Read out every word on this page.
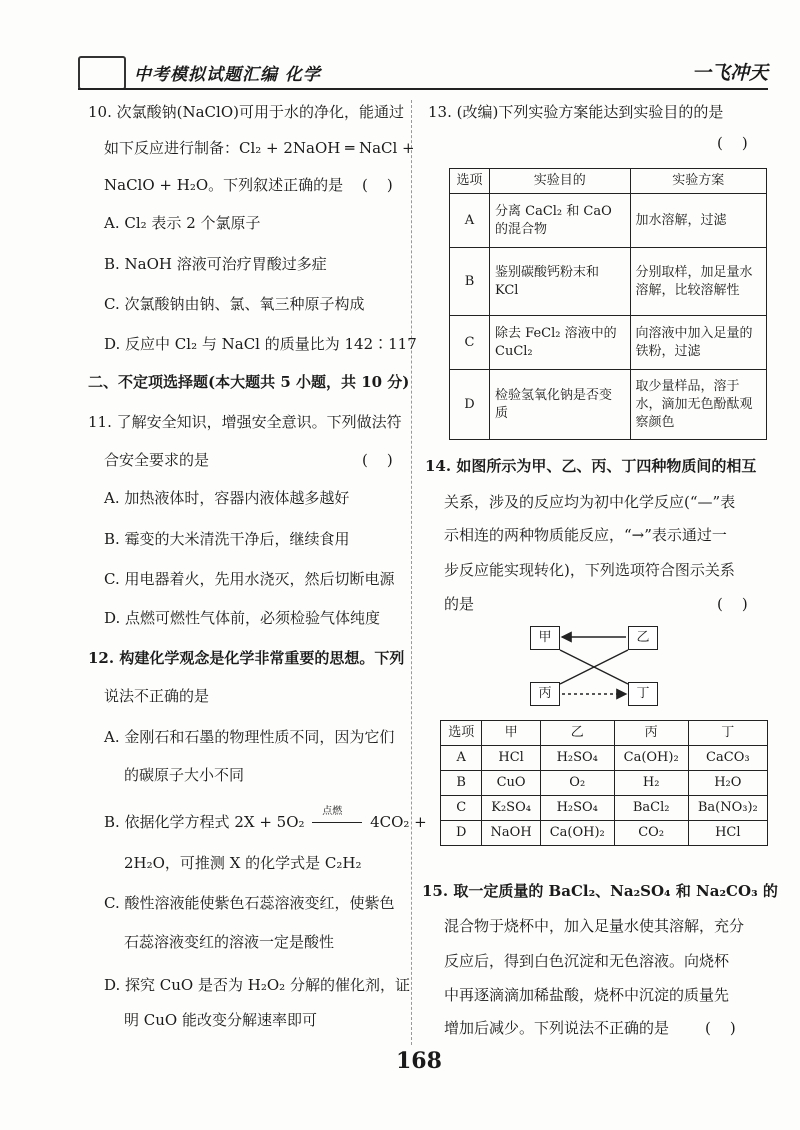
中考模拟试题汇编 化学	一飞冲天
10. 次氯酸钠(NaClO)可用于水的净化，能通过
如下反应进行制备：Cl₂ + 2NaOH ═ NaCl +
NaClO + H₂O。下列叙述正确的是 (    )
A. Cl₂ 表示 2 个氯原子
B. NaOH 溶液可治疗胃酸过多症
C. 次氯酸钠由钠、氯、氧三种原子构成
D. 反应中 Cl₂ 与 NaCl 的质量比为 142∶117
二、不定项选择题(本大题共 5 小题，共 10 分)
11. 了解安全知识，增强安全意识。下列做法符
合安全要求的是	(    )
A. 加热液体时，容器内液体越多越好
B. 霉变的大米清洗干净后，继续食用
C. 用电器着火，先用水浇灭，然后切断电源
D. 点燃可燃性气体前，必须检验气体纯度
12. 构建化学观念是化学非常重要的思想。下列
说法不正确的是
A. 金刚石和石墨的物理性质不同，因为它们
的碳原子大小不同
B. 依据化学方程式 2X + 5O₂
点燃
4CO₂ +
2H₂O，可推测 X 的化学式是 C₂H₂
C. 酸性溶液能使紫色石蕊溶液变红，使紫色
石蕊溶液变红的溶液一定是酸性
D. 探究 CuO 是否为 H₂O₂ 分解的催化剂，证
明 CuO 能改变分解速率即可
13. (改编)下列实验方案能达到实验目的的是
(    )
选项	实验目的	实验方案
A	分离 CaCl₂ 和 CaO 的混合物	加水溶解，过滤
B	鉴别碳酸钙粉末和 KCl	分别取样，加足量水溶解，比较溶解性
C	除去 FeCl₂ 溶液中的 CuCl₂	向溶液中加入足量的铁粉，过滤
D	检验氢氧化钠是否变质	取少量样品，溶于水，滴加无色酚酞观察颜色
14. 如图所示为甲、乙、丙、丁四种物质间的相互
关系，涉及的反应均为初中化学反应(“—”表
示相连的两种物质能反应，“→”表示通过一
步反应能实现转化)，下列选项符合图示关系
的是	(    )
甲	乙
丙	丁
选项	甲	乙	丙	丁
A	HCl	H₂SO₄	Ca(OH)₂	CaCO₃
B	CuO	O₂	H₂	H₂O
C	K₂SO₄	H₂SO₄	BaCl₂	Ba(NO₃)₂
D	NaOH	Ca(OH)₂	CO₂	HCl
15. 取一定质量的 BaCl₂、Na₂SO₄ 和 Na₂CO₃ 的
混合物于烧杯中，加入足量水使其溶解，充分
反应后，得到白色沉淀和无色溶液。向烧杯
中再逐滴滴加稀盐酸，烧杯中沉淀的质量先
增加后减少。下列说法不正确的是 (    )
168
